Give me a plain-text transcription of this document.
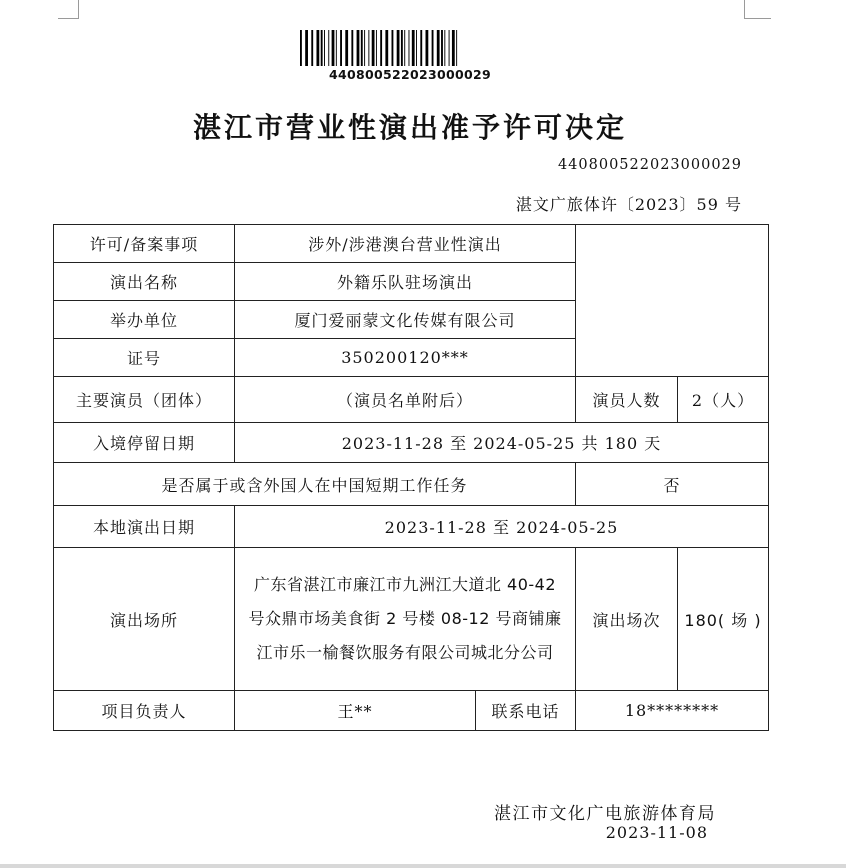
440800522023000029
湛江市营业性演出准予许可决定
440800522023000029
湛文广旅体许〔2023〕59 号
许可/备案事项	涉外/涉港澳台营业性演出			
演出名称	外籍乐队驻场演出			
举办单位	厦门爱丽蒙文化传媒有限公司			
证号	350200120***			
主要演员（团体）	（演员名单附后）		演员人数	2（人）
入境停留日期	2023-11-28 至 2024-05-25 共 180 天			
是否属于或含外国人在中国短期工作任务			否	
本地演出日期	2023-11-28 至 2024-05-25			
演出场所	广东省湛江市廉江市九洲江大道北 40-42 号众鼎市场美食街 2 号楼 08-12 号商铺廉江市乐一榆餐饮服务有限公司城北分公司		演出场次	180( 场 )
项目负责人	王**	联系电话	18********	
湛江市文化广电旅游体育局
2023-11-08
